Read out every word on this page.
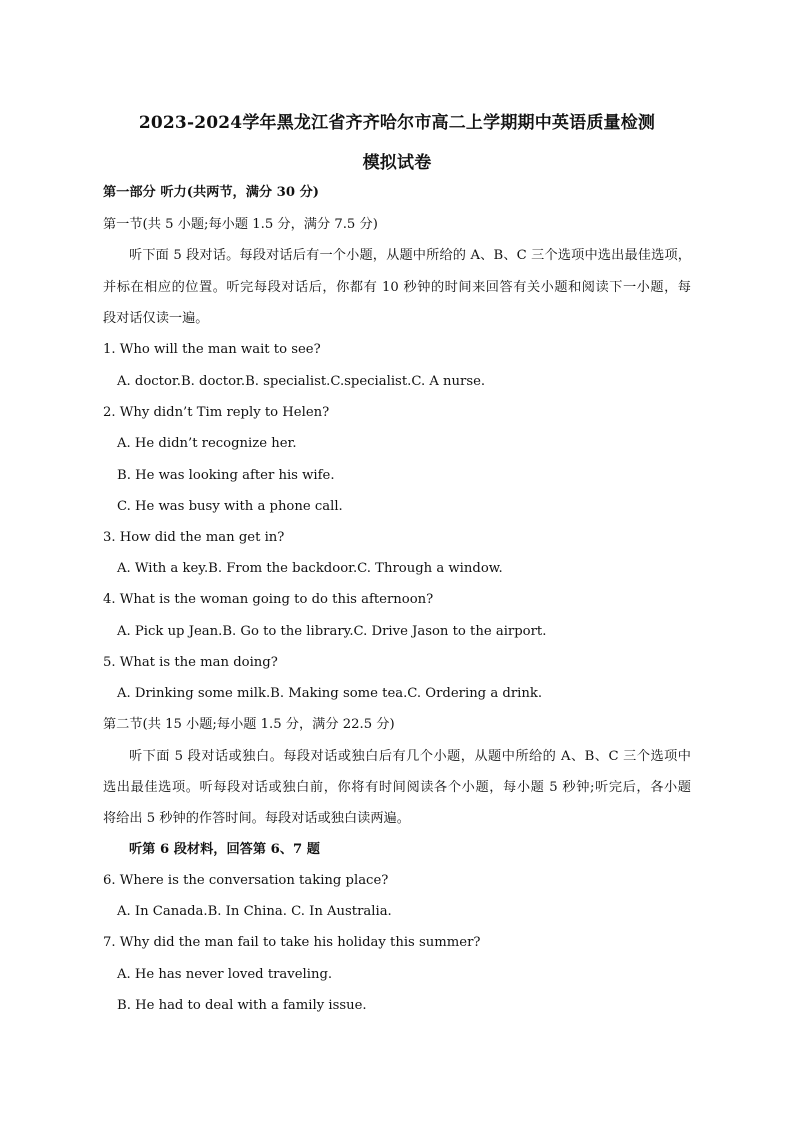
2023-2024学年黑龙江省齐齐哈尔市高二上学期期中英语质量检测
模拟试卷
第一部分 听力(共两节，满分 30 分)
第一节(共 5 小题;每小题 1.5 分，满分 7.5 分)
听下面 5 段对话。每段对话后有一个小题，从题中所给的 A、B、C 三个选项中选出最佳选项，
并标在相应的位置。听完每段对话后，你都有 10 秒钟的时间来回答有关小题和阅读下一小题，每
段对话仅读一遍。
1. Who will the man wait to see?
A. doctor.B. doctor.B. specialist.C.specialist.C. A nurse.
2. Why didn’t Tim reply to Helen?
A. He didn’t recognize her.
B. He was looking after his wife.
C. He was busy with a phone call.
3. How did the man get in?
A. With a key.B. From the backdoor.C. Through a window.
4. What is the woman going to do this afternoon?
A. Pick up Jean.B. Go to the library.C. Drive Jason to the airport.
5. What is the man doing?
A. Drinking some milk.B. Making some tea.C. Ordering a drink.
第二节(共 15 小题;每小题 1.5 分，满分 22.5 分)
听下面 5 段对话或独白。每段对话或独白后有几个小题，从题中所给的 A、B、C 三个选项中
选出最佳选项。听每段对话或独白前，你将有时间阅读各个小题，每小题 5 秒钟;听完后，各小题
将给出 5 秒钟的作答时间。每段对话或独白读两遍。
听第 6 段材料，回答第 6、7 题
6. Where is the conversation taking place?
A. In Canada.B. In China. C. In Australia.
7. Why did the man fail to take his holiday this summer?
A. He has never loved traveling.
B. He had to deal with a family issue.
